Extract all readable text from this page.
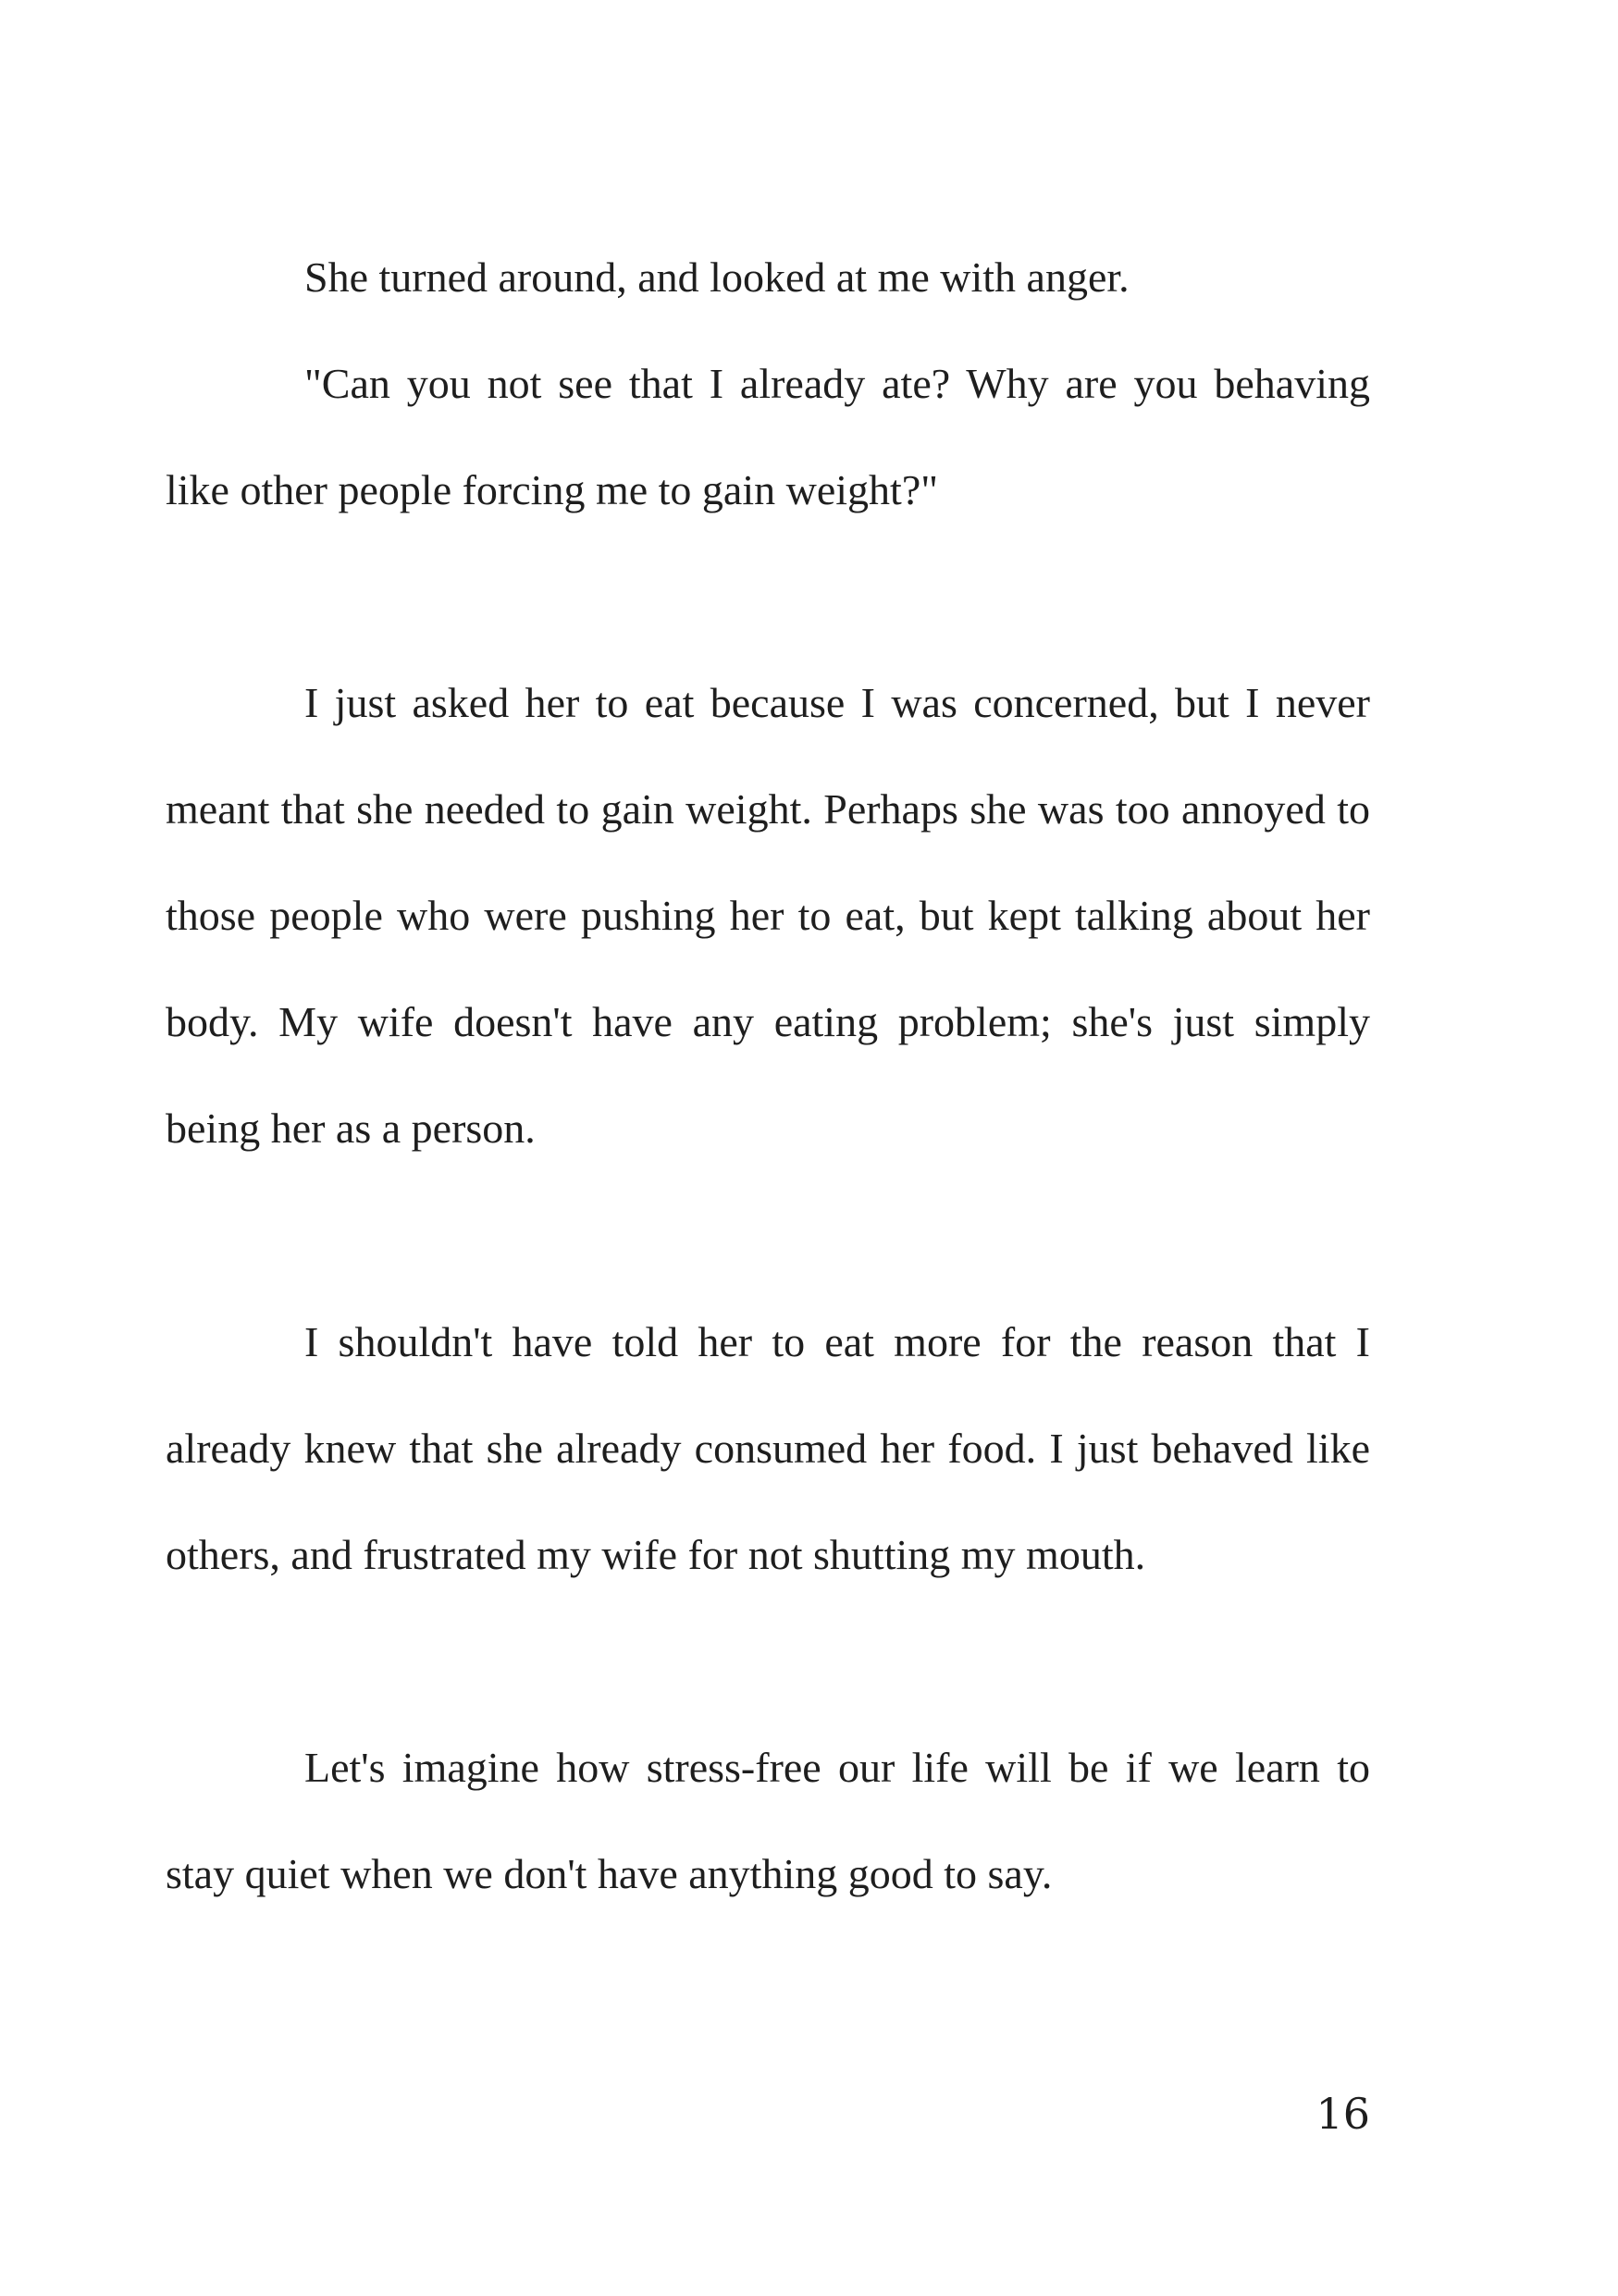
She turned around, and looked at me with anger.

"Can you not see that I already ate? Why are you behaving like other people forcing me to gain weight?"

I just asked her to eat because I was concerned, but I never meant that she needed to gain weight. Perhaps she was too annoyed to those people who were pushing her to eat, but kept talking about her body. My wife doesn't have any eating problem; she's just simply being her as a person.

I shouldn't have told her to eat more for the reason that I already knew that she already consumed her food. I just behaved like others, and frustrated my wife for not shutting my mouth.

Let's imagine how stress-free our life will be if we learn to stay quiet when we don't have anything good to say.

16
